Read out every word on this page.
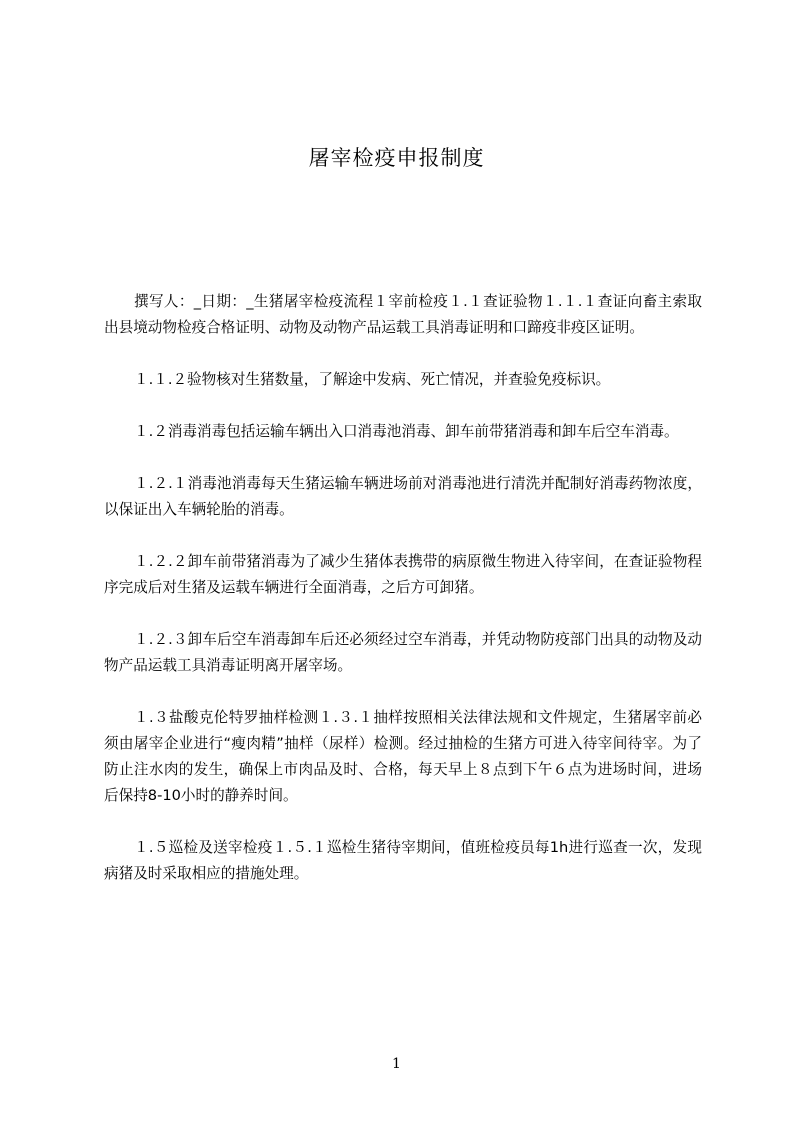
屠宰检疫申报制度

撰写人：_日期：_生猪屠宰检疫流程１宰前检疫１.１查证验物１.１.１查证向畜主索取出县境动物检疫合格证明、动物及动物产品运载工具消毒证明和口蹄疫非疫区证明。

１.１.２验物核对生猪数量，了解途中发病、死亡情况，并查验免疫标识。

１.２消毒消毒包括运输车辆出入口消毒池消毒、卸车前带猪消毒和卸车后空车消毒。

１.２.１消毒池消毒每天生猪运输车辆进场前对消毒池进行清洗并配制好消毒药物浓度，以保证出入车辆轮胎的消毒。

１.２.２卸车前带猪消毒为了减少生猪体表携带的病原微生物进入待宰间，在查证验物程序完成后对生猪及运载车辆进行全面消毒，之后方可卸猪。

１.２.３卸车后空车消毒卸车后还必须经过空车消毒，并凭动物防疫部门出具的动物及动物产品运载工具消毒证明离开屠宰场。

１.３盐酸克伦特罗抽样检测１.３.１抽样按照相关法律法规和文件规定，生猪屠宰前必须由屠宰企业进行“瘦肉精”抽样（尿样）检测。经过抽检的生猪方可进入待宰间待宰。为了防止注水肉的发生，确保上市肉品及时、合格，每天早上８点到下午６点为进场时间，进场后保持8-10小时的静养时间。

１.５巡检及送宰检疫１.５.１巡检生猪待宰期间，值班检疫员每1h进行巡查一次，发现病猪及时采取相应的措施处理。

1
